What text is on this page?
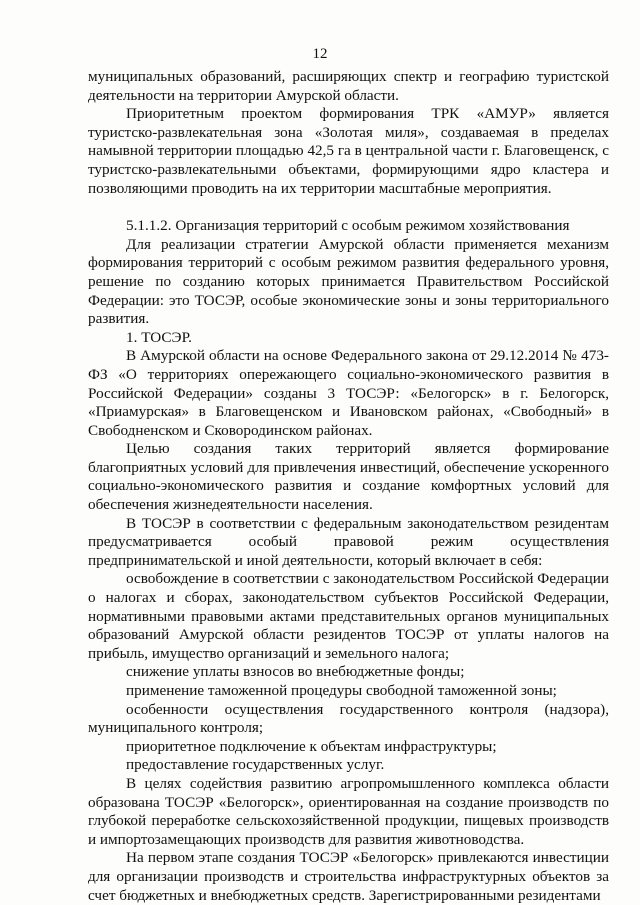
12

муниципальных образований, расширяющих спектр и географию туристской деятельности на территории Амурской области.

Приоритетным проектом формирования ТРК «АМУР» является туристско-развлекательная зона «Золотая миля», создаваемая в пределах намывной территории площадью 42,5 га в центральной части г. Благовещенск, с туристско-развлекательными объектами, формирующими ядро кластера и позволяющими проводить на их территории масштабные мероприятия.

5.1.1.2. Организация территорий с особым режимом хозяйствования

Для реализации стратегии Амурской области применяется механизм формирования территорий с особым режимом развития федерального уровня, решение по созданию которых принимается Правительством Российской Федерации: это ТОСЭР, особые экономические зоны и зоны территориального развития.

1. ТОСЭР.

В Амурской области на основе Федерального закона от 29.12.2014 № 473-ФЗ «О территориях опережающего социально-экономического развития в Российской Федерации» созданы 3 ТОСЭР: «Белогорск» в г. Белогорск, «Приамурская» в Благовещенском и Ивановском районах, «Свободный» в Свободненском и Сковородинском районах.

Целью создания таких территорий является формирование благоприятных условий для привлечения инвестиций, обеспечение ускоренного социально-экономического развития и создание комфортных условий для обеспечения жизнедеятельности населения.

В ТОСЭР в соответствии с федеральным законодательством резидентам предусматривается особый правовой режим осуществления предпринимательской и иной деятельности, который включает в себя:

освобождение в соответствии с законодательством Российской Федерации о налогах и сборах, законодательством субъектов Российской Федерации, нормативными правовыми актами представительных органов муниципальных образований Амурской области резидентов ТОСЭР от уплаты налогов на прибыль, имущество организаций и земельного налога;

снижение уплаты взносов во внебюджетные фонды;

применение таможенной процедуры свободной таможенной зоны;

особенности осуществления государственного контроля (надзора), муниципального контроля;

приоритетное подключение к объектам инфраструктуры;

предоставление государственных услуг.

В целях содействия развитию агропромышленного комплекса области образована ТОСЭР «Белогорск», ориентированная на создание производств по глубокой переработке сельскохозяйственной продукции, пищевых производств и импортозамещающих производств для развития животноводства.

На первом этапе создания ТОСЭР «Белогорск» привлекаются инвестиции для организации производств и строительства инфраструктурных объектов за счет бюджетных и внебюджетных средств. Зарегистрированными резидентами
